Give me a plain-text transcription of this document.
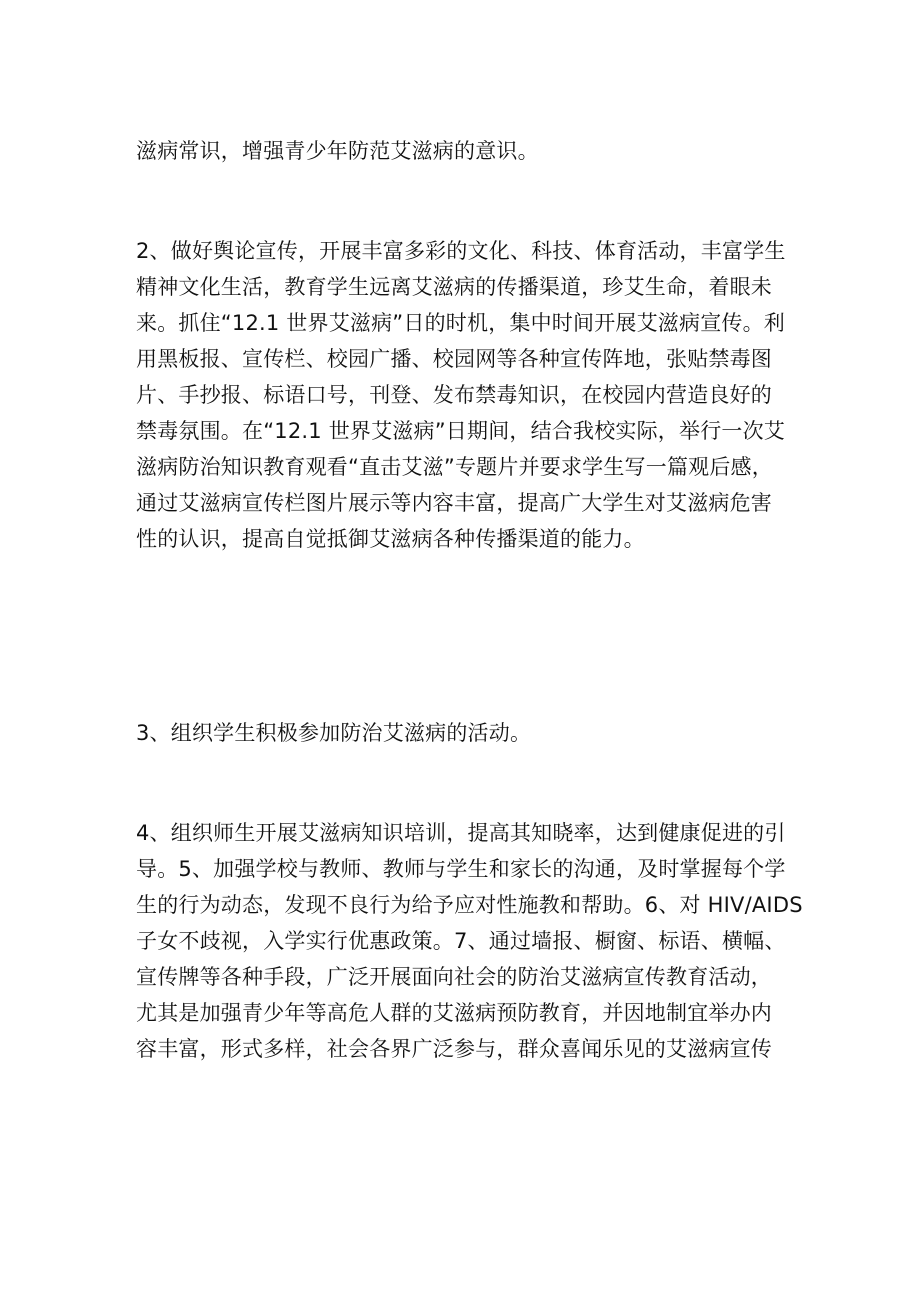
滋病常识，增强青少年防范艾滋病的意识。
2、做好舆论宣传，开展丰富多彩的文化、科技、体育活动，丰富学生
精神文化生活，教育学生远离艾滋病的传播渠道，珍艾生命，着眼未
来。抓住“12.1 世界艾滋病”日的时机，集中时间开展艾滋病宣传。利
用黑板报、宣传栏、校园广播、校园网等各种宣传阵地，张贴禁毒图
片、手抄报、标语口号，刊登、发布禁毒知识，在校园内营造良好的
禁毒氛围。在“12.1 世界艾滋病”日期间，结合我校实际，举行一次艾
滋病防治知识教育观看“直击艾滋”专题片并要求学生写一篇观后感，
通过艾滋病宣传栏图片展示等内容丰富，提高广大学生对艾滋病危害
性的认识，提高自觉抵御艾滋病各种传播渠道的能力。
3、组织学生积极参加防治艾滋病的活动。
4、组织师生开展艾滋病知识培训，提高其知晓率，达到健康促进的引
导。5、加强学校与教师、教师与学生和家长的沟通，及时掌握每个学
生的行为动态，发现不良行为给予应对性施教和帮助。6、对 HIV/AIDS
子女不歧视，入学实行优惠政策。7、通过墙报、橱窗、标语、横幅、
宣传牌等各种手段，广泛开展面向社会的防治艾滋病宣传教育活动，
尤其是加强青少年等高危人群的艾滋病预防教育，并因地制宜举办内
容丰富，形式多样，社会各界广泛参与，群众喜闻乐见的艾滋病宣传
